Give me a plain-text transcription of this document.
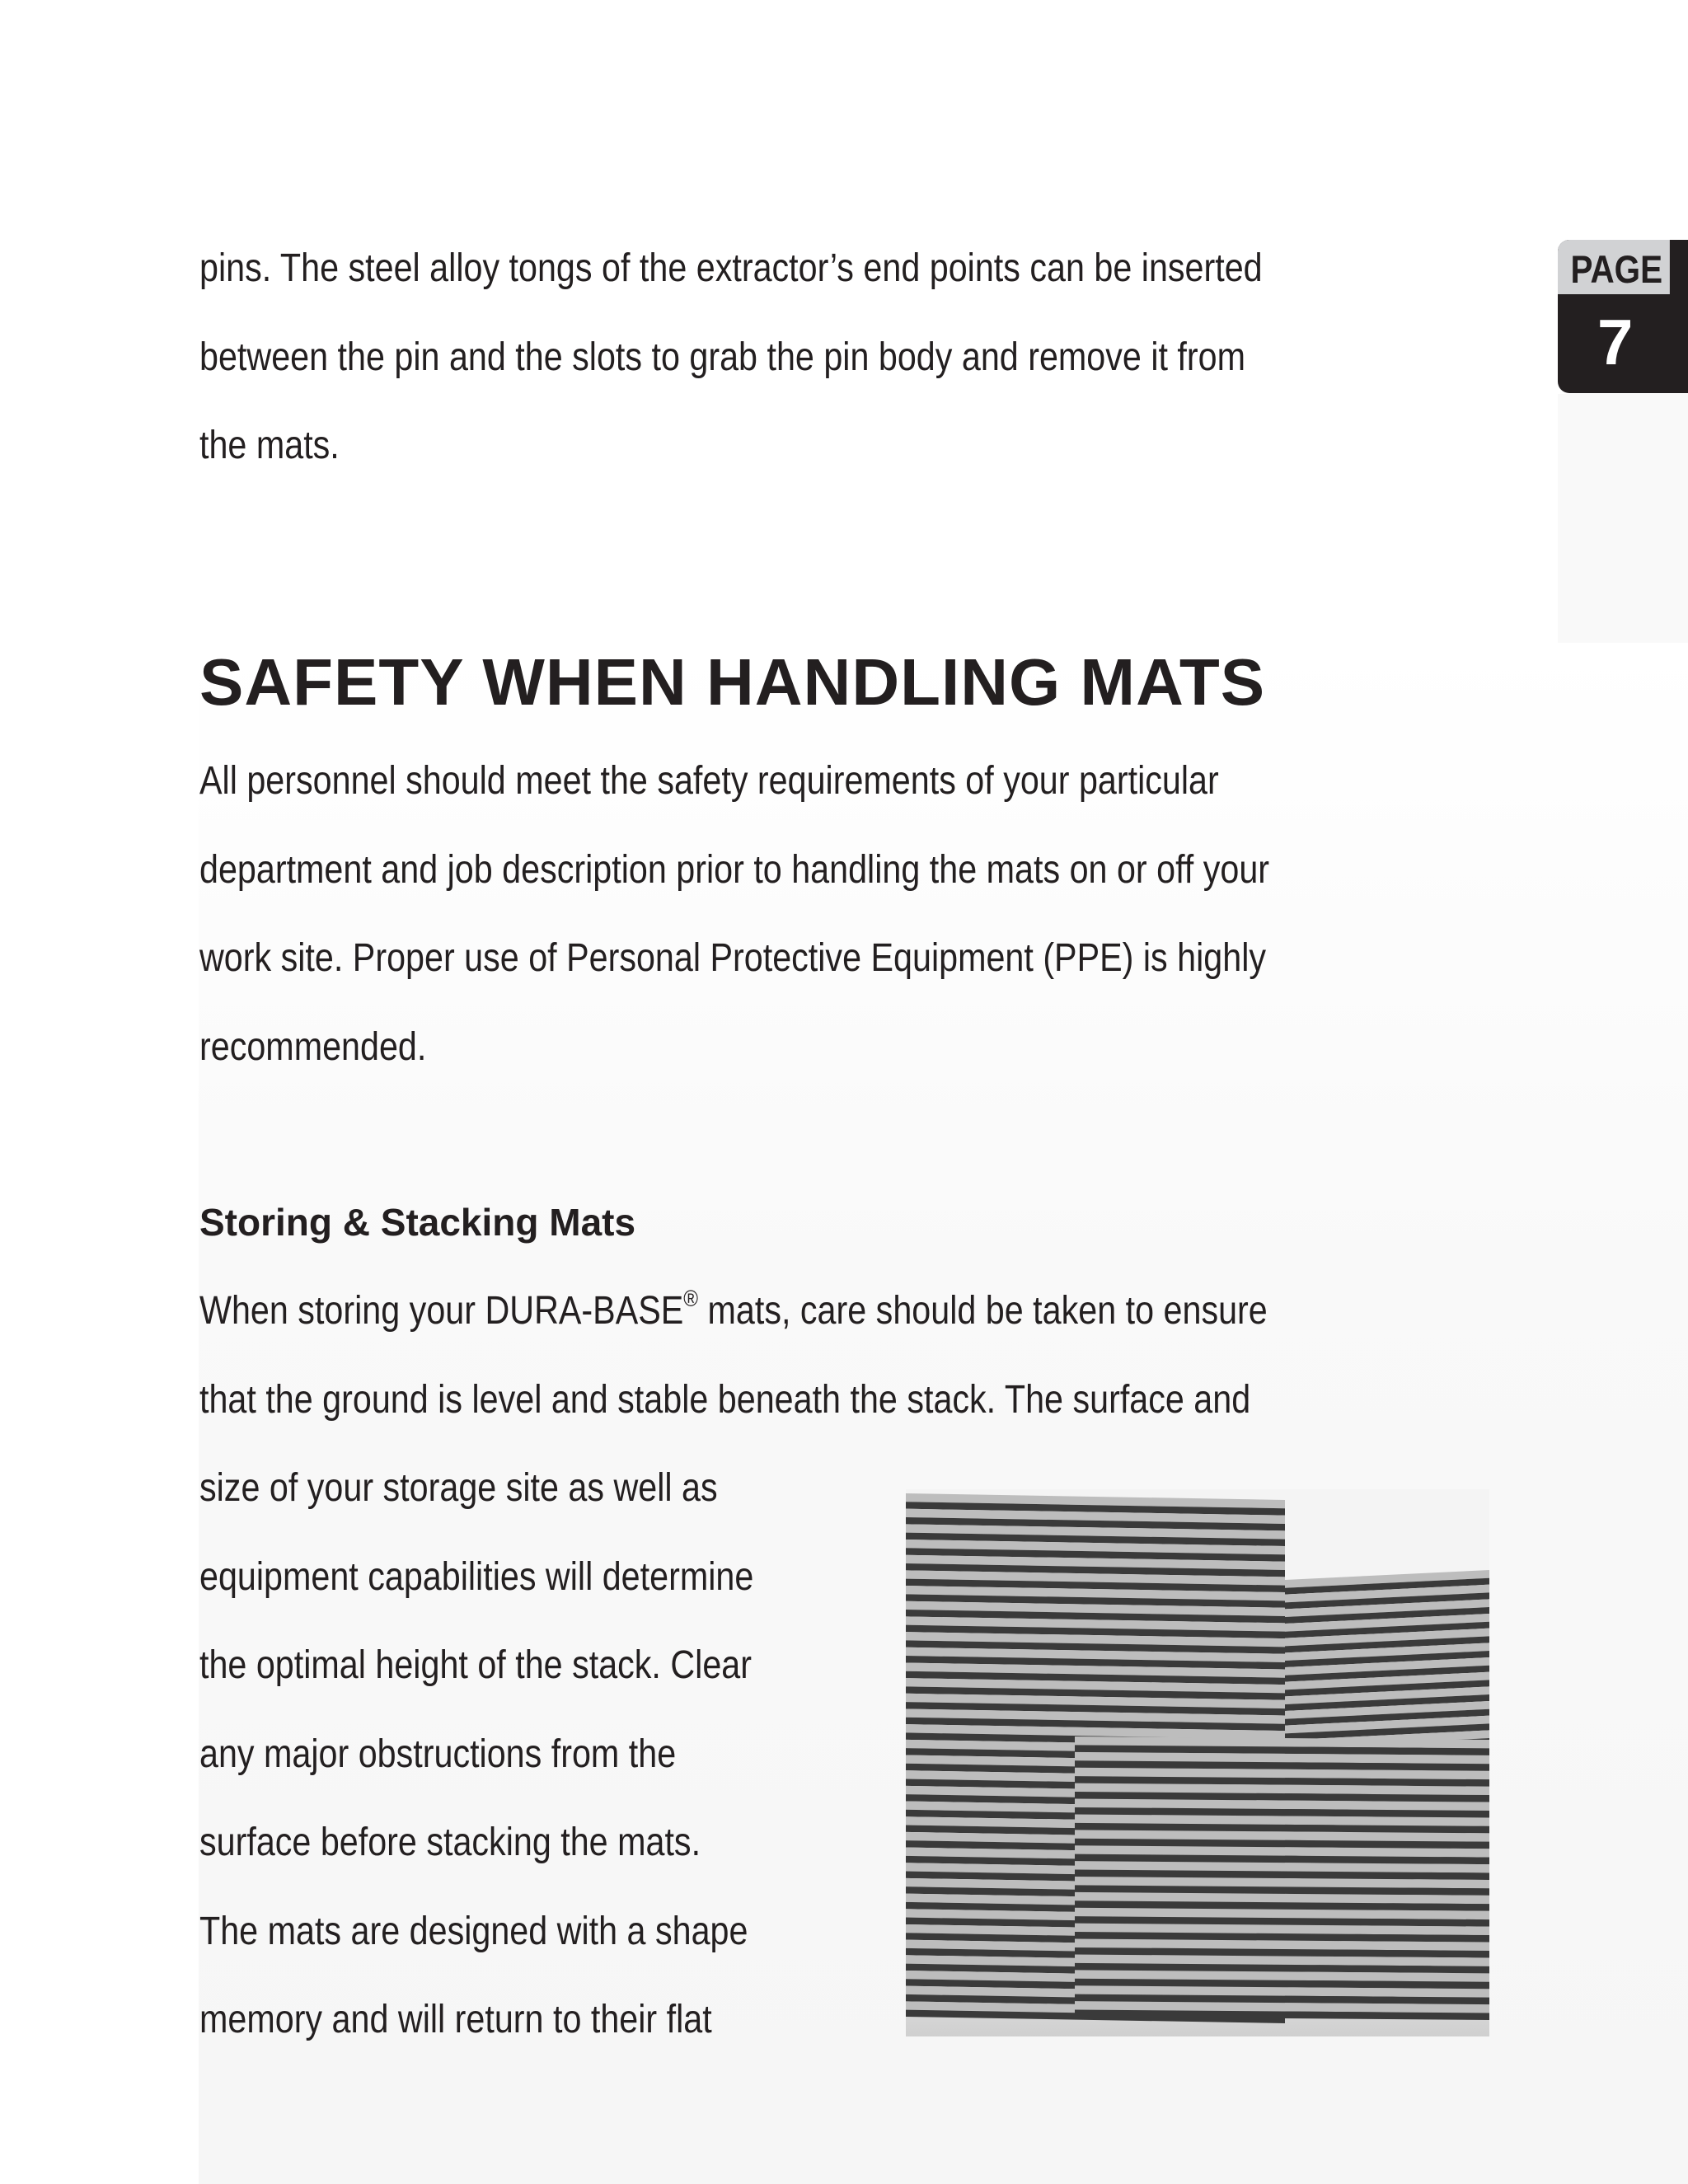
PAGE
7

pins. The steel alloy tongs of the extractor’s end points can be inserted
between the pin and the slots to grab the pin body and remove it from
the mats.

SAFETY WHEN HANDLING MATS

All personnel should meet the safety requirements of your particular
department and job description prior to handling the mats on or off your
work site. Proper use of Personal Protective Equipment (PPE) is highly
recommended.

Storing & Stacking Mats

When storing your DURA-BASE® mats, care should be taken to ensure
that the ground is level and stable beneath the stack. The surface and
size of your storage site as well as
equipment capabilities will determine
the optimal height of the stack. Clear
any major obstructions from the
surface before stacking the mats.
The mats are designed with a shape
memory and will return to their flat
